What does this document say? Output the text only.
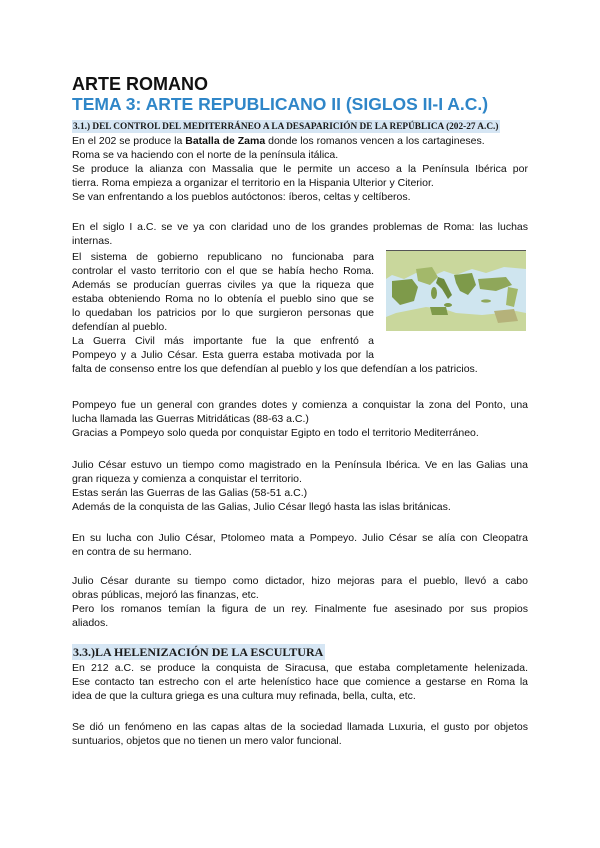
ARTE ROMANO
TEMA 3: ARTE REPUBLICANO II (SIGLOS II-I A.C.)
3.1.) DEL CONTROL DEL MEDITERRÁNEO A LA DESAPARICIÓN DE LA REPÚBLICA (202-27 A.C.)
En el 202 se produce la Batalla de Zama donde los romanos vencen a los cartagineses.
Roma se va haciendo con el norte de la península itálica.
Se produce la alianza con Massalia que le permite un acceso a la Península Ibérica por
tierra. Roma empieza a organizar el territorio en la Hispania Ulterior y Citerior.
Se van enfrentando a los pueblos autóctonos: íberos, celtas y celtíberos.
En el siglo I a.C. se ve ya con claridad uno de los grandes problemas de Roma: las luchas
internas.
El sistema de gobierno republicano no funcionaba para
controlar el vasto territorio con el que se había hecho Roma.
Además se producían guerras civiles ya que la riqueza que
estaba obteniendo Roma no lo obtenía el pueblo sino que se
lo quedaban los patricios por lo que surgieron personas que
defendían al pueblo.
La Guerra Civil más importante fue la que enfrentó a
Pompeyo y a Julio César. Esta guerra estaba motivada por la
falta de consenso entre los que defendían al pueblo y los que defendían a los patricios.
Pompeyo fue un general con grandes dotes y comienza a conquistar la zona del Ponto, una
lucha llamada las Guerras Mitridáticas (88-63 a.C.)
Gracias a Pompeyo solo queda por conquistar Egipto en todo el territorio Mediterráneo.
Julio César estuvo un tiempo como magistrado en la Península Ibérica. Ve en las Galias una
gran riqueza y comienza a conquistar el territorio.
Estas serán las Guerras de las Galias (58-51 a.C.)
Además de la conquista de las Galias, Julio César llegó hasta las islas británicas.
En su lucha con Julio César, Ptolomeo mata a Pompeyo. Julio César se alía con Cleopatra
en contra de su hermano.
Julio César durante su tiempo como dictador, hizo mejoras para el pueblo, llevó a cabo
obras públicas, mejoró las finanzas, etc.
Pero los romanos temían la figura de un rey. Finalmente fue asesinado por sus propios
aliados.
3.3.)LA HELENIZACIÓN DE LA ESCULTURA
En 212 a.C. se produce la conquista de Siracusa, que estaba completamente helenizada.
Ese contacto tan estrecho con el arte helenístico hace que comience a gestarse en Roma la
idea de que la cultura griega es una cultura muy refinada, bella, culta, etc.
Se dió un fenómeno en las capas altas de la sociedad llamada Luxuria, el gusto por objetos
suntuarios, objetos que no tienen un mero valor funcional.
